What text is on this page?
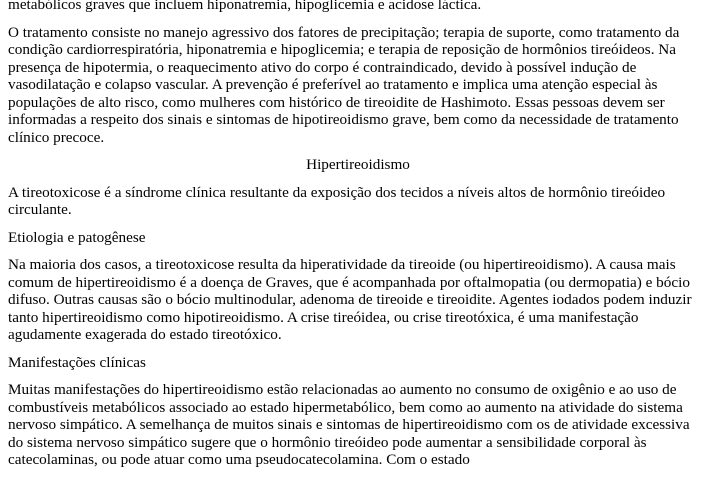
metabólicos graves que incluem hiponatremia, hipoglicemia e acidose láctica.

O tratamento consiste no manejo agressivo dos fatores de precipitação; terapia de suporte, como tratamento da condição cardiorrespiratória, hiponatremia e hipoglicemia; e terapia de reposição de hormônios tireóideos. Na presença de hipotermia, o reaquecimento ativo do corpo é contraindicado, devido à possível indução de vasodilatação e colapso vascular. A prevenção é preferível ao tratamento e implica uma atenção especial às populações de alto risco, como mulheres com histórico de tireoidite de Hashimoto. Essas pessoas devem ser informadas a respeito dos sinais e sintomas de hipotireoidismo grave, bem como da necessidade de tratamento clínico precoce.

Hipertireoidismo

A tireotoxicose é a síndrome clínica resultante da exposição dos tecidos a níveis altos de hormônio tireóideo circulante.

Etiologia e patogênese

Na maioria dos casos, a tireotoxicose resulta da hiperatividade da tireoide (ou hipertireoidismo). A causa mais comum de hipertireoidismo é a doença de Graves, que é acompanhada por oftalmopatia (ou dermopatia) e bócio difuso. Outras causas são o bócio multinodular, adenoma de tireoide e tireoidite. Agentes iodados podem induzir tanto hipertireoidismo como hipotireoidismo. A crise tireóidea, ou crise tireotóxica, é uma manifestação agudamente exagerada do estado tireotóxico.

Manifestações clínicas

Muitas manifestações do hipertireoidismo estão relacionadas ao aumento no consumo de oxigênio e ao uso de combustíveis metabólicos associado ao estado hipermetabólico, bem como ao aumento na atividade do sistema nervoso simpático. A semelhança de muitos sinais e sintomas de hipertireoidismo com os de atividade excessiva do sistema nervoso simpático sugere que o hormônio tireóideo pode aumentar a sensibilidade corporal às catecolaminas, ou pode atuar como uma pseudocatecolamina. Com o estado
